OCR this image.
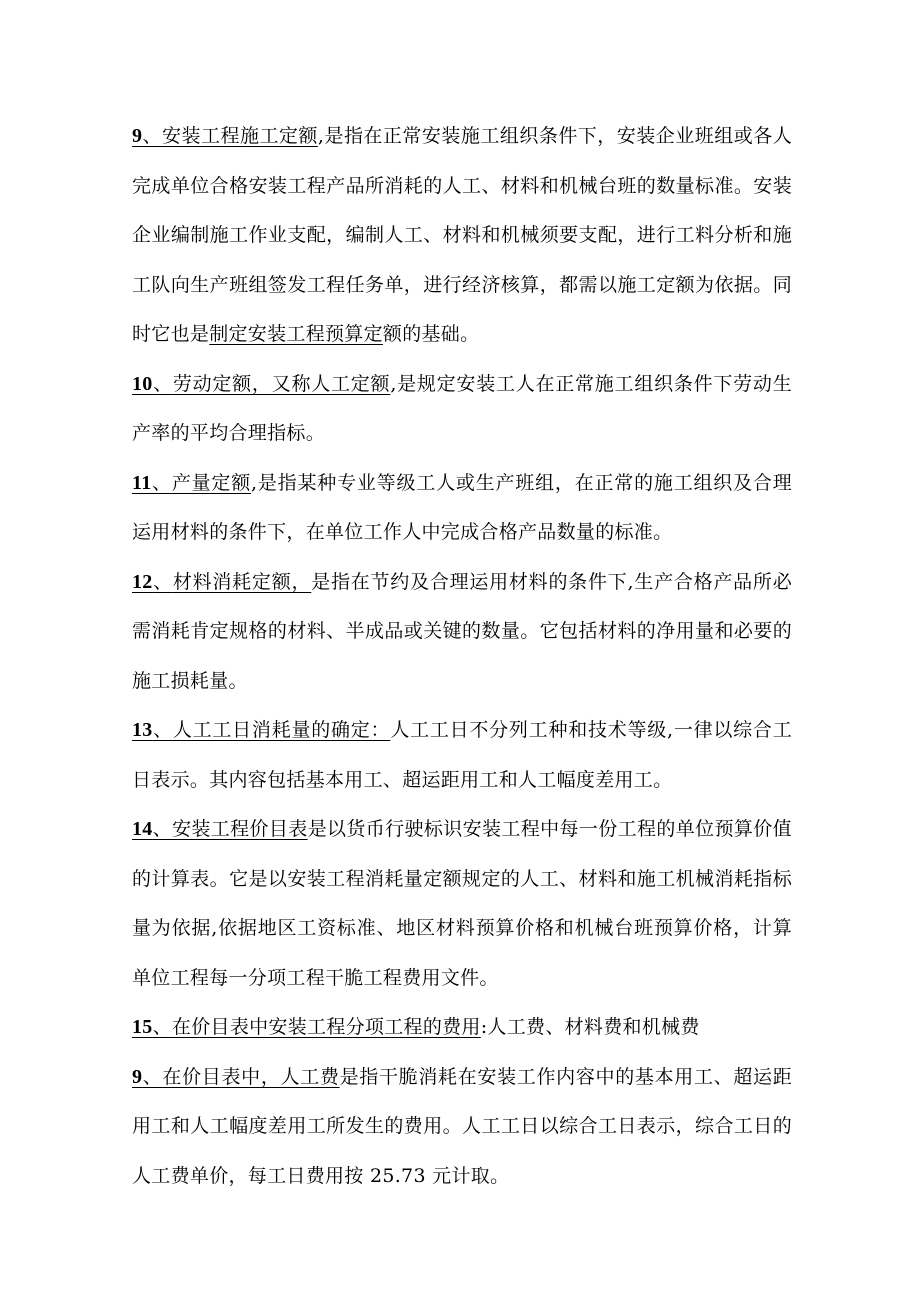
9、安装工程施工定额,是指在正常安装施工组织条件下，安装企业班组或各人完成单位合格安装工程产品所消耗的人工、材料和机械台班的数量标准。安装企业编制施工作业支配，编制人工、材料和机械须要支配，进行工料分析和施工队向生产班组签发工程任务单，进行经济核算，都需以施工定额为依据。同时它也是制定安装工程预算定额的基础。

10、劳动定额，又称人工定额,是规定安装工人在正常施工组织条件下劳动生产率的平均合理指标。

11、产量定额,是指某种专业等级工人或生产班组，在正常的施工组织及合理运用材料的条件下，在单位工作人中完成合格产品数量的标准。

12、材料消耗定额，是指在节约及合理运用材料的条件下,生产合格产品所必需消耗肯定规格的材料、半成品或关键的数量。它包括材料的净用量和必要的施工损耗量。

13、人工工日消耗量的确定：人工工日不分列工种和技术等级,一律以综合工日表示。其内容包括基本用工、超运距用工和人工幅度差用工。

14、安装工程价目表是以货币行驶标识安装工程中每一份工程的单位预算价值的计算表。它是以安装工程消耗量定额规定的人工、材料和施工机械消耗指标量为依据,依据地区工资标准、地区材料预算价格和机械台班预算价格，计算单位工程每一分项工程干脆工程费用文件。

15、在价目表中安装工程分项工程的费用:人工费、材料费和机械费

9、在价目表中，人工费是指干脆消耗在安装工作内容中的基本用工、超运距用工和人工幅度差用工所发生的费用。人工工日以综合工日表示，综合工日的人工费单价，每工日费用按 25.73 元计取。
